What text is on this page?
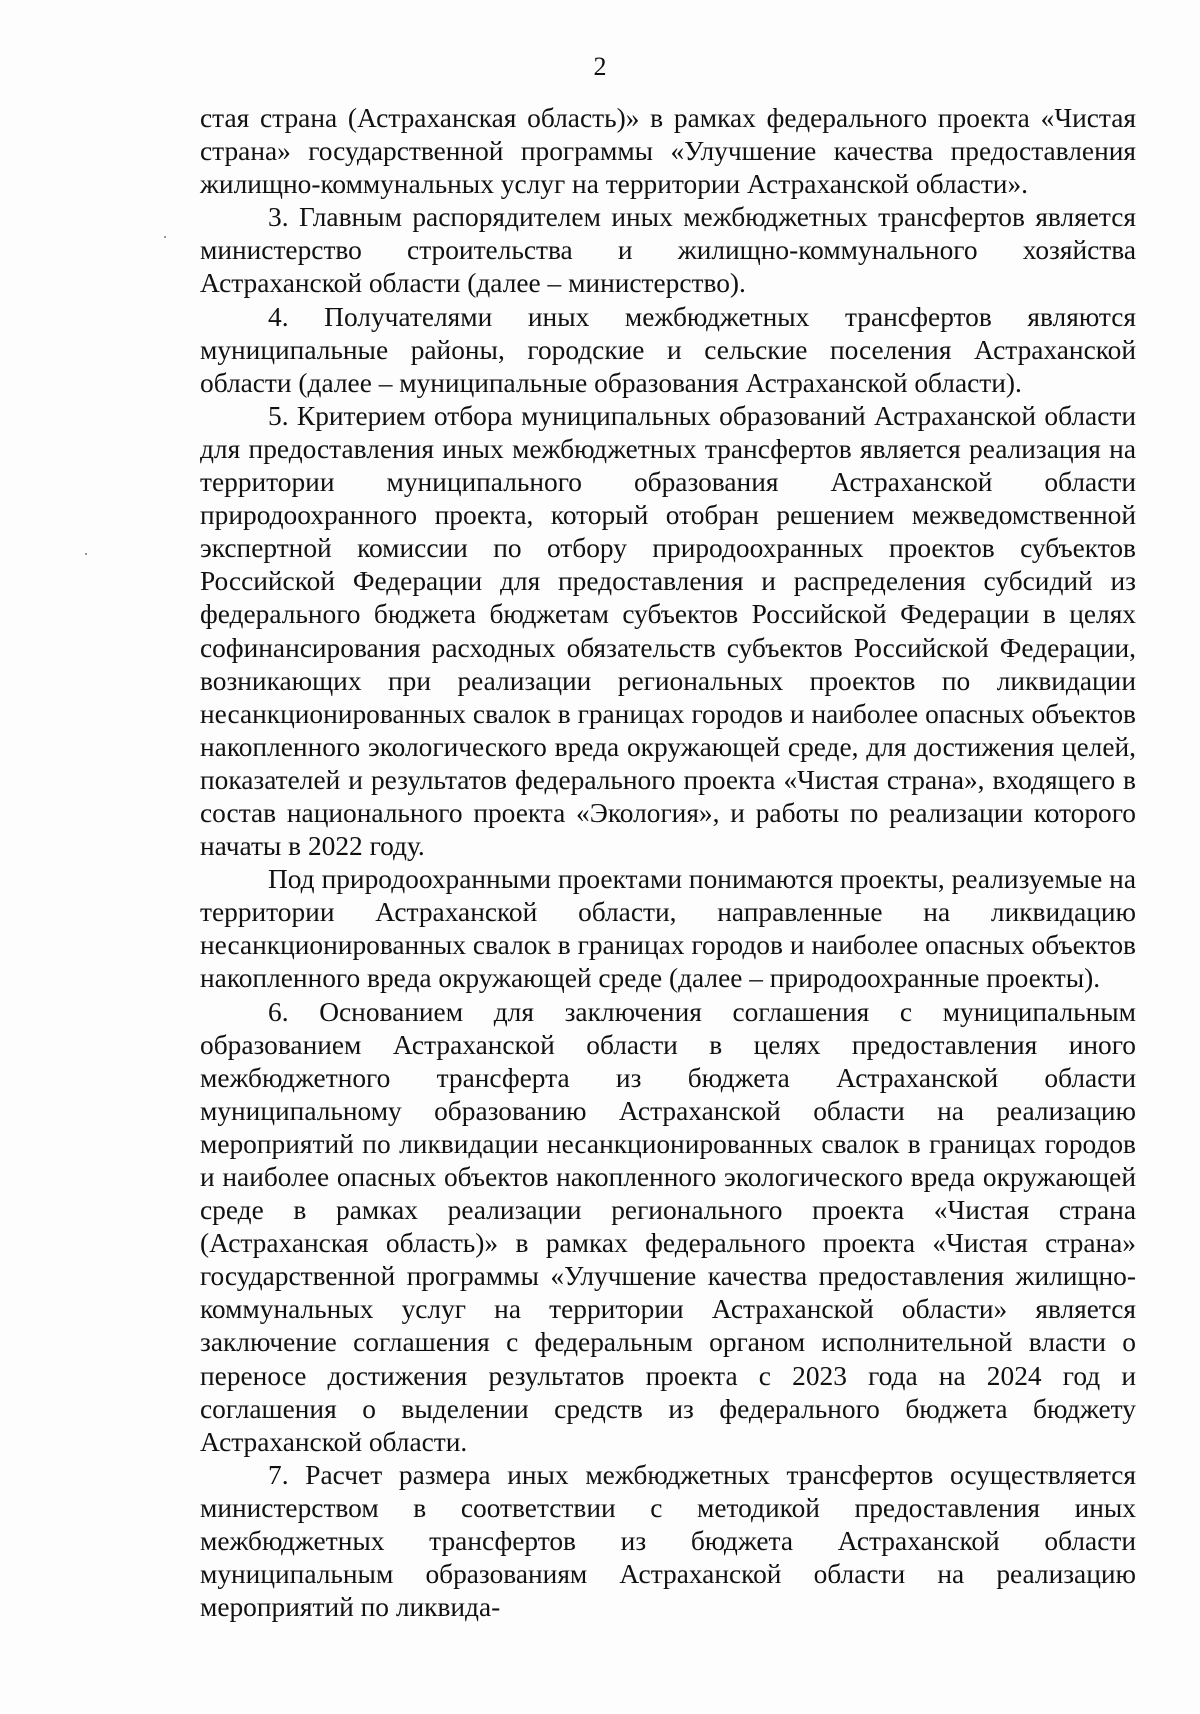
2

стая страна (Астраханская область)» в рамках федерального проекта «Чистая страна» государственной программы «Улучшение качества предоставления жилищно-коммунальных услуг на территории Астраханской области».

3. Главным распорядителем иных межбюджетных трансфертов является министерство строительства и жилищно-коммунального хозяйства Астраханской области (далее – министерство).

4. Получателями иных межбюджетных трансфертов являются муниципальные районы, городские и сельские поселения Астраханской области (далее – муниципальные образования Астраханской области).

5. Критерием отбора муниципальных образований Астраханской области для предоставления иных межбюджетных трансфертов является реализация на территории муниципального образования Астраханской области природоохранного проекта, который отобран решением межведомственной экспертной комиссии по отбору природоохранных проектов субъектов Российской Федерации для предоставления и распределения субсидий из федерального бюджета бюджетам субъектов Российской Федерации в целях софинансирования расходных обязательств субъектов Российской Федерации, возникающих при реализации региональных проектов по ликвидации несанкционированных свалок в границах городов и наиболее опасных объектов накопленного экологического вреда окружающей среде, для достижения целей, показателей и результатов федерального проекта «Чистая страна», входящего в состав национального проекта «Экология», и работы по реализации которого начаты в 2022 году.

Под природоохранными проектами понимаются проекты, реализуемые на территории Астраханской области, направленные на ликвидацию несанкционированных свалок в границах городов и наиболее опасных объектов накопленного вреда окружающей среде (далее – природоохранные проекты).

6. Основанием для заключения соглашения с муниципальным образованием Астраханской области в целях предоставления иного межбюджетного трансферта из бюджета Астраханской области муниципальному образованию Астраханской области на реализацию мероприятий по ликвидации несанкционированных свалок в границах городов и наиболее опасных объектов накопленного экологического вреда окружающей среде в рамках реализации регионального проекта «Чистая страна (Астраханская область)» в рамках федерального проекта «Чистая страна» государственной программы «Улучшение качества предоставления жилищно-коммунальных услуг на территории Астраханской области» является заключение соглашения с федеральным органом исполнительной власти о переносе достижения результатов проекта с 2023 года на 2024 год и соглашения о выделении средств из федерального бюджета бюджету Астраханской области.

7. Расчет размера иных межбюджетных трансфертов осуществляется министерством в соответствии с методикой предоставления иных межбюджетных трансфертов из бюджета Астраханской области муниципальным образованиям Астраханской области на реализацию мероприятий по ликвида-
